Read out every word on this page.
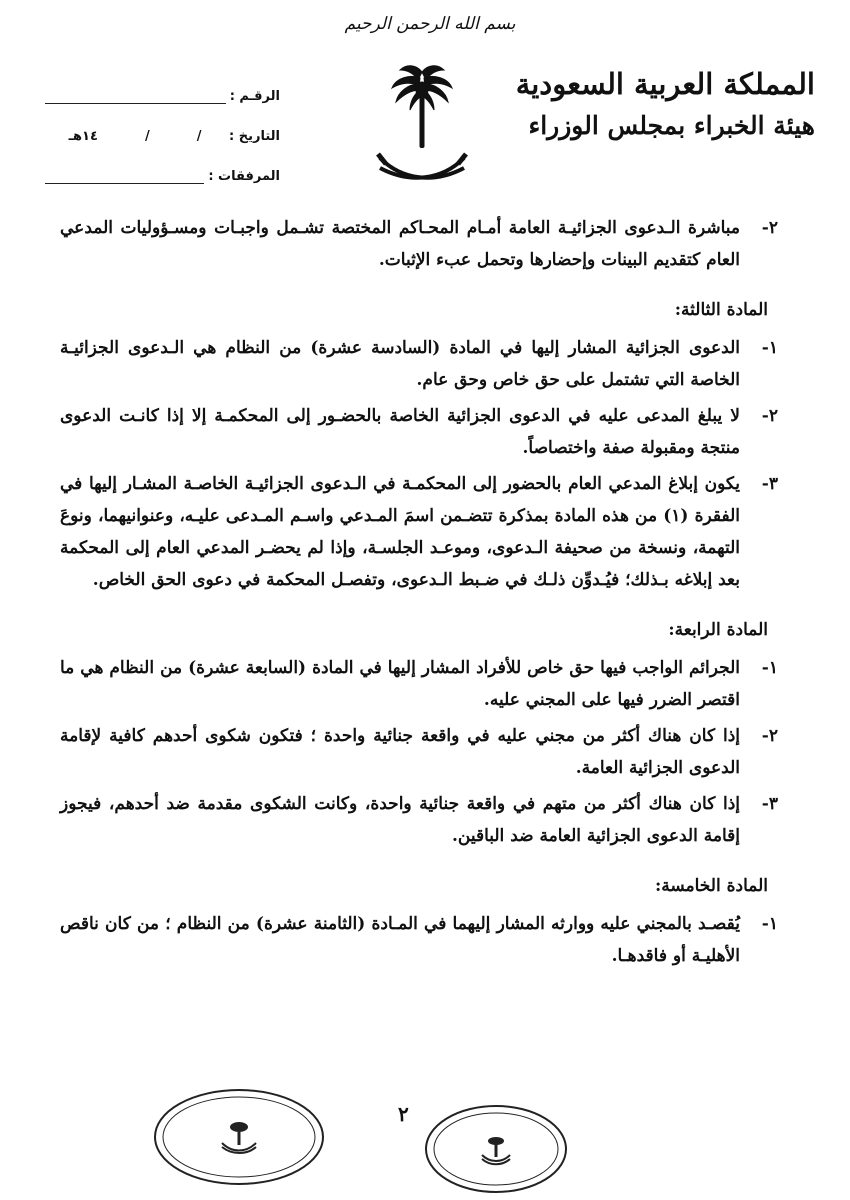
بسم الله الرحمن الرحيم
المملكة العربية السعودية
هيئة الخبراء بمجلس الوزراء
الرقـم :
التاريخ :
/
/
١٤هـ
المرفقات :
٢-
مباشرة الـدعوى الجزائيـة العامة أمـام المحـاكم المختصة تشـمل واجبـات ومسـؤوليات المدعي العام كتقديم البينات وإحضارها وتحمل عبء الإثبات.
المادة الثالثة:
١-
الدعوى الجزائية المشار إليها في المادة (السادسة عشرة) من النظام هي الـدعوى الجزائيـة الخاصة التي تشتمل على حق خاص وحق عام.
٢-
لا يبلغ المدعى عليه في الدعوى الجزائية الخاصة بالحضـور إلى المحكمـة إلا إذا كانـت الدعوى منتجة ومقبولة صفة واختصاصاً.
٣-
يكون إبلاغ المدعي العام بالحضور إلى المحكمـة في الـدعوى الجزائيـة الخاصـة المشـار إليها في الفقرة (١) من هذه المادة بمذكرة تتضـمن اسمَ المـدعي واسـم المـدعى عليـه، وعنوانيهما، ونوعَ التهمة، ونسخة من صحيفة الـدعوى، وموعـد الجلسـة، وإذا لم يحضـر المدعي العام إلى المحكمة بعد إبلاغه بـذلك؛ فيُـدوِّن ذلـك في ضـبط الـدعوى، وتفصـل المحكمة في دعوى الحق الخاص.
المادة الرابعة:
١-
الجرائم الواجب فيها حق خاص للأفراد المشار إليها في المادة (السابعة عشرة) من النظام هي ما اقتصر الضرر فيها على المجني عليه.
٢-
إذا كان هناك أكثر من مجني عليه في واقعة جنائية واحدة ؛ فتكون شكوى أحدهم كافية لإقامة الدعوى الجزائية العامة.
٣-
إذا كان هناك أكثر من متهم في واقعة جنائية واحدة، وكانت الشكوى مقدمة ضد أحدهم، فيجوز إقامة الدعوى الجزائية العامة ضد الباقين.
المادة الخامسة:
١-
يُقصـد بالمجني عليه ووارثه المشار إليهما في المـادة (الثامنة عشرة) من النظام ؛ من كان ناقص الأهليـة أو فاقدهـا.
٢
